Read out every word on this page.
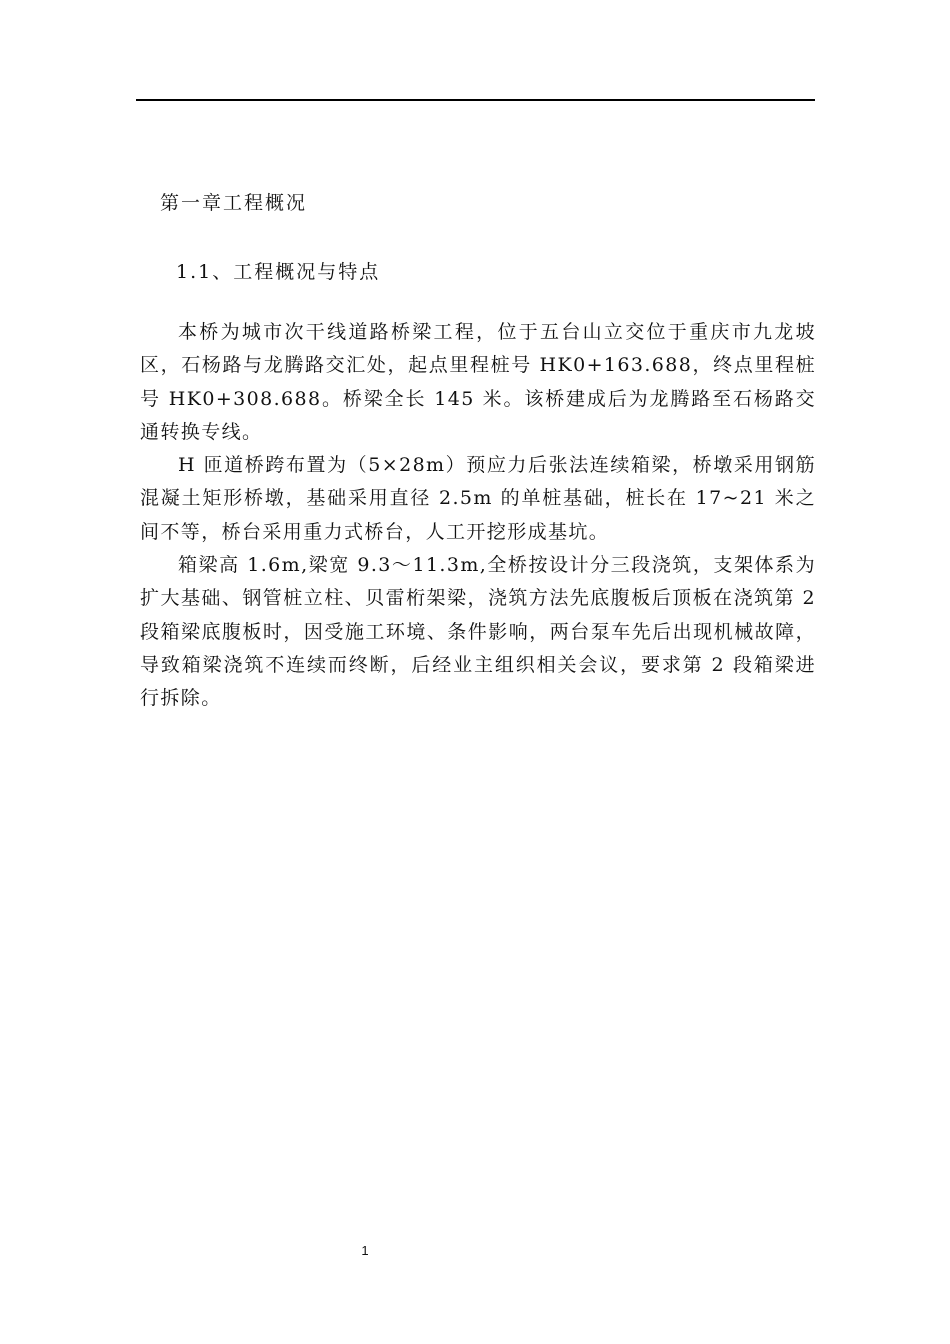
第一章工程概况
1.1、工程概况与特点

本桥为城市次干线道路桥梁工程，位于五台山立交位于重庆市九龙坡区，石杨路与龙腾路交汇处，起点里程桩号 HK0+163.688，终点里程桩号 HK0+308.688。桥梁全长 145 米。该桥建成后为龙腾路至石杨路交通转换专线。

H 匝道桥跨布置为（5×28m）预应力后张法连续箱梁，桥墩采用钢筋混凝土矩形桥墩，基础采用直径 2.5m 的单桩基础，桩长在 17~21 米之间不等，桥台采用重力式桥台，人工开挖形成基坑。

箱梁高 1.6m,梁宽 9.3～11.3m,全桥按设计分三段浇筑，支架体系为扩大基础、钢管桩立柱、贝雷桁架梁，浇筑方法先底腹板后顶板在浇筑第 2 段箱梁底腹板时，因受施工环境、条件影响，两台泵车先后出现机械故障，导致箱梁浇筑不连续而终断，后经业主组织相关会议，要求第 2 段箱梁进行拆除。

1
